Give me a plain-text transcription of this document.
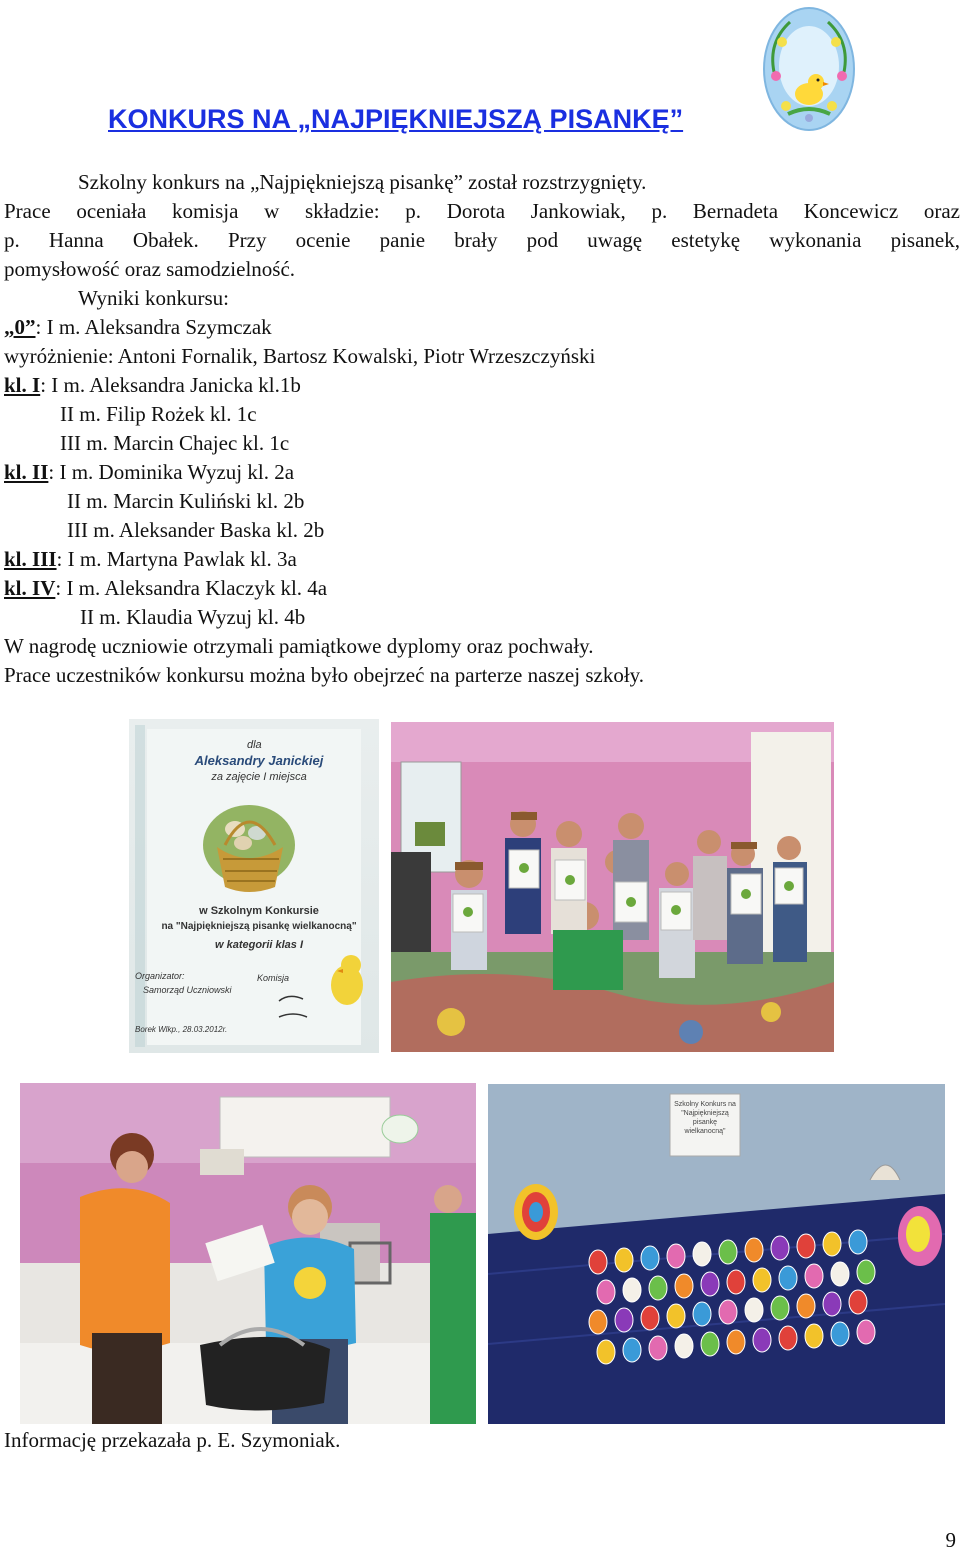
KONKURS NA „NAJPIĘKNIEJSZĄ PISANKĘ”
Szkolny konkurs na „Najpiękniejszą pisankę” został rozstrzygnięty.
Prace oceniała komisja w składzie: p. Dorota Jankowiak, p. Bernadeta Koncewicz oraz
p. Hanna Obałek. Przy ocenie panie brały pod uwagę estetykę wykonania pisanek,
pomysłowość oraz samodzielność.
Wyniki konkursu:
„0”: I m. Aleksandra Szymczak
wyróżnienie: Antoni Fornalik, Bartosz Kowalski, Piotr Wrzeszczyński
kl. I: I m. Aleksandra Janicka kl.1b
II m. Filip Rożek kl. 1c
III m. Marcin Chajec kl. 1c
kl. II: I m. Dominika Wyzuj kl. 2a
II m. Marcin Kuliński kl. 2b
III m. Aleksander Baska kl. 2b
kl. III: I m. Martyna Pawlak kl. 3a
kl. IV: I m. Aleksandra Klaczyk kl. 4a
II m. Klaudia Wyzuj kl. 4b
W nagrodę uczniowie otrzymali pamiątkowe dyplomy oraz pochwały.
Prace uczestników konkursu można było obejrzeć na parterze naszej szkoły.
dla
Aleksandry Janickiej
za zajęcie I miejsca
w Szkolnym Konkursie
na "Najpiękniejszą pisankę wielkanocną"
w kategorii klas I
Organizator:
Samorząd Uczniowski
Komisja
Borek Wlkp., 28.03.2012r.
Szkolny Konkurs na "Najpiękniejszą pisankę wielkanocną"
Informację przekazała p. E. Szymoniak.
9
